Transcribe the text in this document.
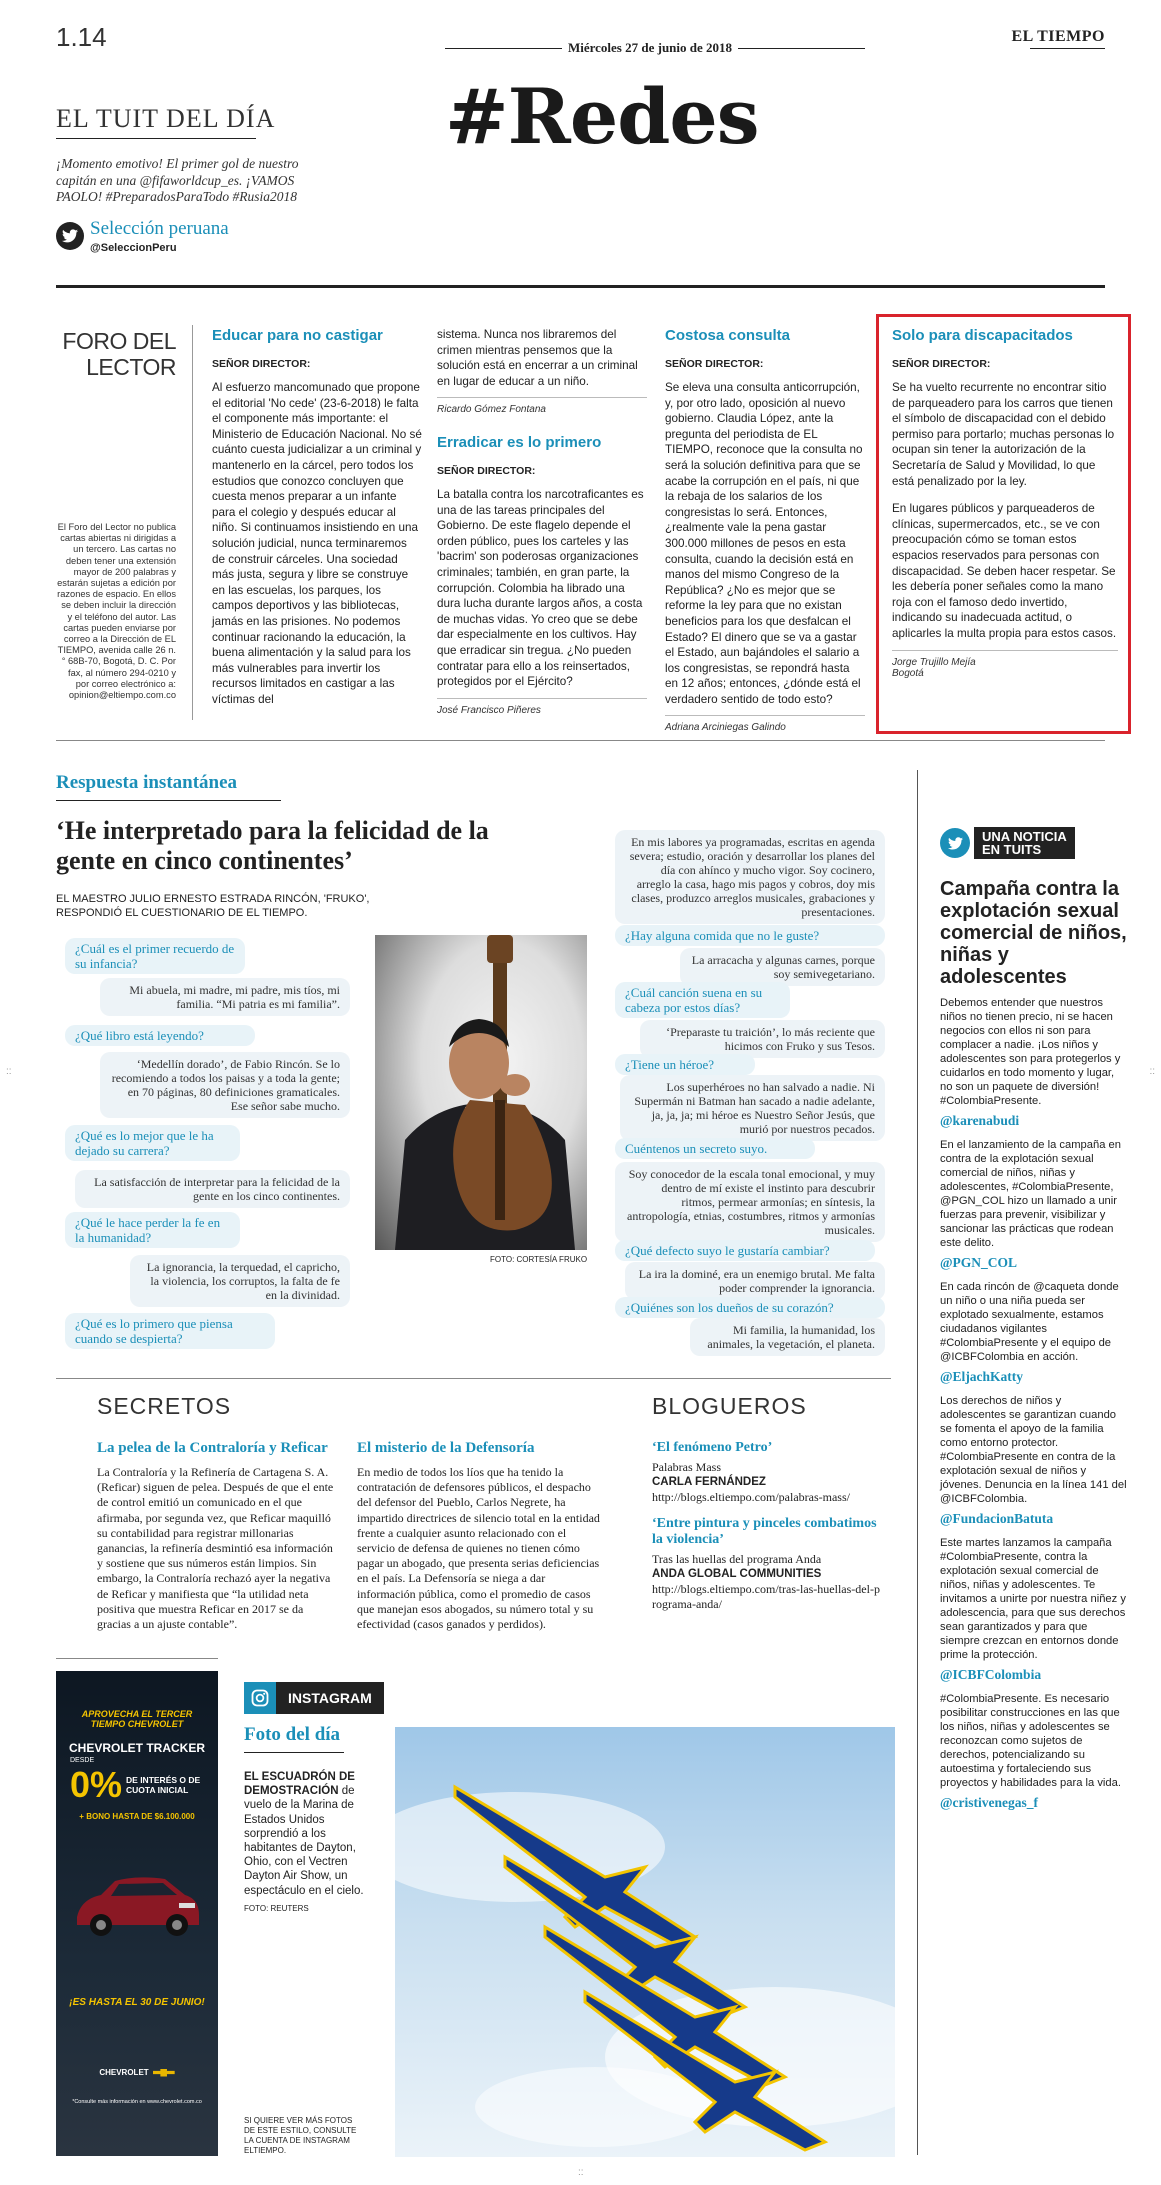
1.14	Miércoles 27 de junio de 2018
EL TIEMPO
#Redes
EL TUIT DEL DÍA
¡Momento emotivo! El primer gol de nuestro capitán en una @fifaworldcup_es. ¡VAMOS PAOLO! #PreparadosParaTodo #Rusia2018
Selección peruana
@SeleccionPeru
FORO DEL LECTOR
El Foro del Lector no publica cartas abiertas ni dirigidas a un tercero. Las cartas no deben tener una extensión mayor de 200 palabras y estarán sujetas a edición por razones de espacio. En ellos se deben incluir la dirección y el teléfono del autor. Las cartas pueden enviarse por correo a la Dirección de EL TIEMPO, avenida calle 26 n.° 68B-70, Bogotá, D. C. Por fax, al número 294-0210 y por correo electrónico a: opinion@eltiempo.com.co
Educar para no castigar
SEÑOR DIRECTOR:
Al esfuerzo mancomunado que propone el editorial 'No cede' (23-6-2018) le falta el componente más importante: el Ministerio de Educación Nacional. No sé cuánto cuesta judicializar a un criminal y mantenerlo en la cárcel, pero todos los estudios que conozco concluyen que cuesta menos preparar a un infante para el colegio y después educar al niño. Si continuamos insistiendo en una solución judicial, nunca terminaremos de construir cárceles. Una sociedad más justa, segura y libre se construye en las escuelas, los parques, los campos deportivos y las bibliotecas, jamás en las prisiones. No podemos continuar racionando la educación, la buena alimentación y la salud para los más vulnerables para invertir los recursos limitados en castigar a las víctimas del
sistema. Nunca nos libraremos del crimen mientras pensemos que la solución está en encerrar a un criminal en lugar de educar a un niño.
Ricardo Gómez Fontana
Erradicar es lo primero
SEÑOR DIRECTOR:
La batalla contra los narcotraficantes es una de las tareas principales del Gobierno. De este flagelo depende el orden público, pues los carteles y las 'bacrim' son poderosas organizaciones criminales; también, en gran parte, la corrupción. Colombia ha librado una dura lucha durante largos años, a costa de muchas vidas. Yo creo que se debe dar especialmente en los cultivos. Hay que erradicar sin tregua. ¿No pueden contratar para ello a los reinsertados, protegidos por el Ejército?
José Francisco Piñeres
Costosa consulta
SEÑOR DIRECTOR:
Se eleva una consulta anticorrupción, y, por otro lado, oposición al nuevo gobierno. Claudia López, ante la pregunta del periodista de EL TIEMPO, reconoce que la consulta no será la solución definitiva para que se acabe la corrupción en el país, ni que la rebaja de los salarios de los congresistas lo será. Entonces, ¿realmente vale la pena gastar 300.000 millones de pesos en esta consulta, cuando la decisión está en manos del mismo Congreso de la República? ¿No es mejor que se reforme la ley para que no existan beneficios para los que desfalcan el Estado? El dinero que se va a gastar el Estado, aun bajándoles el salario a los congresistas, se repondrá hasta en 12 años; entonces, ¿dónde está el verdadero sentido de todo esto?
Adriana Arciniegas Galindo
Solo para discapacitados
SEÑOR DIRECTOR:
Se ha vuelto recurrente no encontrar sitio de parqueadero para los carros que tienen el símbolo de discapacidad con el debido permiso para portarlo; muchas personas lo ocupan sin tener la autorización de la Secretaría de Salud y Movilidad, lo que está penalizado por la ley.
En lugares públicos y parqueaderos de clínicas, supermercados, etc., se ve con preocupación cómo se toman estos espacios reservados para personas con discapacidad. Se deben hacer respetar. Se les debería poner señales como la mano roja con el famoso dedo invertido, indicando su inadecuada actitud, o aplicarles la multa propia para estos casos.
Jorge Trujillo Mejía
Bogotá
Respuesta instantánea
‘He interpretado para la felicidad de la gente en cinco continentes’
EL MAESTRO JULIO ERNESTO ESTRADA RINCÓN, 'FRUKO', RESPONDIÓ EL CUESTIONARIO DE EL TIEMPO.
¿Cuál es el primer recuerdo de su infancia?
Mi abuela, mi madre, mi padre, mis tíos, mi familia. “Mi patria es mi familia”.
¿Qué libro está leyendo?
‘Medellín dorado’, de Fabio Rincón. Se lo recomiendo a todos los paisas y a toda la gente; en 70 páginas, 80 definiciones gramaticales. Ese señor sabe mucho.
¿Qué es lo mejor que le ha dejado su carrera?
La satisfacción de interpretar para la felicidad de la gente en los cinco continentes.
¿Qué le hace perder la fe en la humanidad?
La ignorancia, la terquedad, el capricho, la violencia, los corruptos, la falta de fe en la divinidad.
¿Qué es lo primero que piensa cuando se despierta?
FOTO: CORTESÍA FRUKO
En mis labores ya programadas, escritas en agenda severa; estudio, oración y desarrollar los planes del día con ahínco y mucho vigor. Soy cocinero, arreglo la casa, hago mis pagos y cobros, doy mis clases, produzco arreglos musicales, grabaciones y presentaciones.
¿Hay alguna comida que no le guste?
La arracacha y algunas carnes, porque soy semivegetariano.
¿Cuál canción suena en su cabeza por estos días?
‘Preparaste tu traición’, lo más reciente que hicimos con Fruko y sus Tesos.
¿Tiene un héroe?
Los superhéroes no han salvado a nadie. Ni Supermán ni Batman han sacado a nadie adelante, ja, ja, ja; mi héroe es Nuestro Señor Jesús, que murió por nuestros pecados.
Cuéntenos un secreto suyo.
Soy conocedor de la escala tonal emocional, y muy dentro de mí existe el instinto para descubrir ritmos, permear armonías; en síntesis, la antropología, etnias, costumbres, ritmos y armonías musicales.
¿Qué defecto suyo le gustaría cambiar?
La ira la dominé, era un enemigo brutal. Me falta poder comprender la ignorancia.
¿Quiénes son los dueños de su corazón?
Mi familia, la humanidad, los animales, la vegetación, el planeta.
UNA NOTICIA
EN TUITS
Campaña contra la explotación sexual comercial de niños, niñas y adolescentes
Debemos entender que nuestros niños no tienen precio, ni se hacen negocios con ellos ni son para complacer a nadie. ¡Los niños y adolescentes son para protegerlos y cuidarlos en todo momento y lugar, no son un paquete de diversión! #ColombiaPresente.
@karenabudi
En el lanzamiento de la campaña en contra de la explotación sexual comercial de niños, niñas y adolescentes, #ColombiaPresente, @PGN_COL hizo un llamado a unir fuerzas para prevenir, visibilizar y sancionar las prácticas que rodean este delito.
@PGN_COL
En cada rincón de @caqueta donde un niño o una niña pueda ser explotado sexualmente, estamos ciudadanos vigilantes #ColombiaPresente y el equipo de @ICBFColombia en acción.
@EljachKatty
Los derechos de niños y adolescentes se garantizan cuando se fomenta el apoyo de la familia como entorno protector. #ColombiaPresente en contra de la explotación sexual de niños y jóvenes. Denuncia en la línea 141 del @ICBFColombia.
@FundacionBatuta
Este martes lanzamos la campaña #ColombiaPresente, contra la explotación sexual comercial de niños, niñas y adolescentes. Te invitamos a unirte por nuestra niñez y adolescencia, para que sus derechos sean garantizados y para que siempre crezcan en entornos donde prime la protección.
@ICBFColombia
#ColombiaPresente. Es necesario posibilitar construcciones en las que los niños, niñas y adolescentes se reconozcan como sujetos de derechos, potencializando su autoestima y fortaleciendo sus proyectos y habilidades para la vida.
@cristivenegas_f
SECRETOS
La pelea de la Contraloría y Reficar
La Contraloría y la Refinería de Cartagena S. A. (Reficar) siguen de pelea. Después de que el ente de control emitió un comunicado en el que afirmaba, por segunda vez, que Reficar maquilló su contabilidad para registrar millonarias ganancias, la refinería desmintió esa información y sostiene que sus números están limpios. Sin embargo, la Contraloría rechazó ayer la negativa de Reficar y manifiesta que “la utilidad neta positiva que muestra Reficar en 2017 se da gracias a un ajuste contable”.
El misterio de la Defensoría
En medio de todos los líos que ha tenido la contratación de defensores públicos, el despacho del defensor del Pueblo, Carlos Negrete, ha impartido directrices de silencio total en la entidad frente a cualquier asunto relacionado con el servicio de defensa de quienes no tienen cómo pagar un abogado, que presenta serias deficiencias en el país. La Defensoría se niega a dar información pública, como el promedio de casos que manejan esos abogados, su número total y su efectividad (casos ganados y perdidos).
BLOGUEROS
‘El fenómeno Petro’
Palabras Mass
CARLA FERNÁNDEZ
http://blogs.eltiempo.com/palabras-mass/
‘Entre pintura y pinceles combatimos la violencia’
Tras las huellas del programa Anda
ANDA GLOBAL COMMUNITIES
http://blogs.eltiempo.com/tras-las-huellas-del-programa-anda/
APROVECHA EL TERCER
TIEMPO CHEVROLET
CHEVROLET TRACKER
DESDE
0% DE INTERÉS O DE CUOTA INICIAL
+ BONO HASTA DE $6.100.000
¡ES HASTA EL 30 DE JUNIO!
CHEVROLET
*Consulte más información en www.chevrolet.com.co
INSTAGRAM
Foto del día
EL ESCUADRÓN DE DEMOSTRACIÓN de vuelo de la Marina de Estados Unidos sorprendió a los habitantes de Dayton, Ohio, con el Vectren Dayton Air Show, un espectáculo en el cielo.
FOTO: REUTERS
SI QUIERE VER MÁS FOTOS DE ESTE ESTILO, CONSULTE LA CUENTA DE INSTAGRAM ELTIEMPO.
::	::
::
